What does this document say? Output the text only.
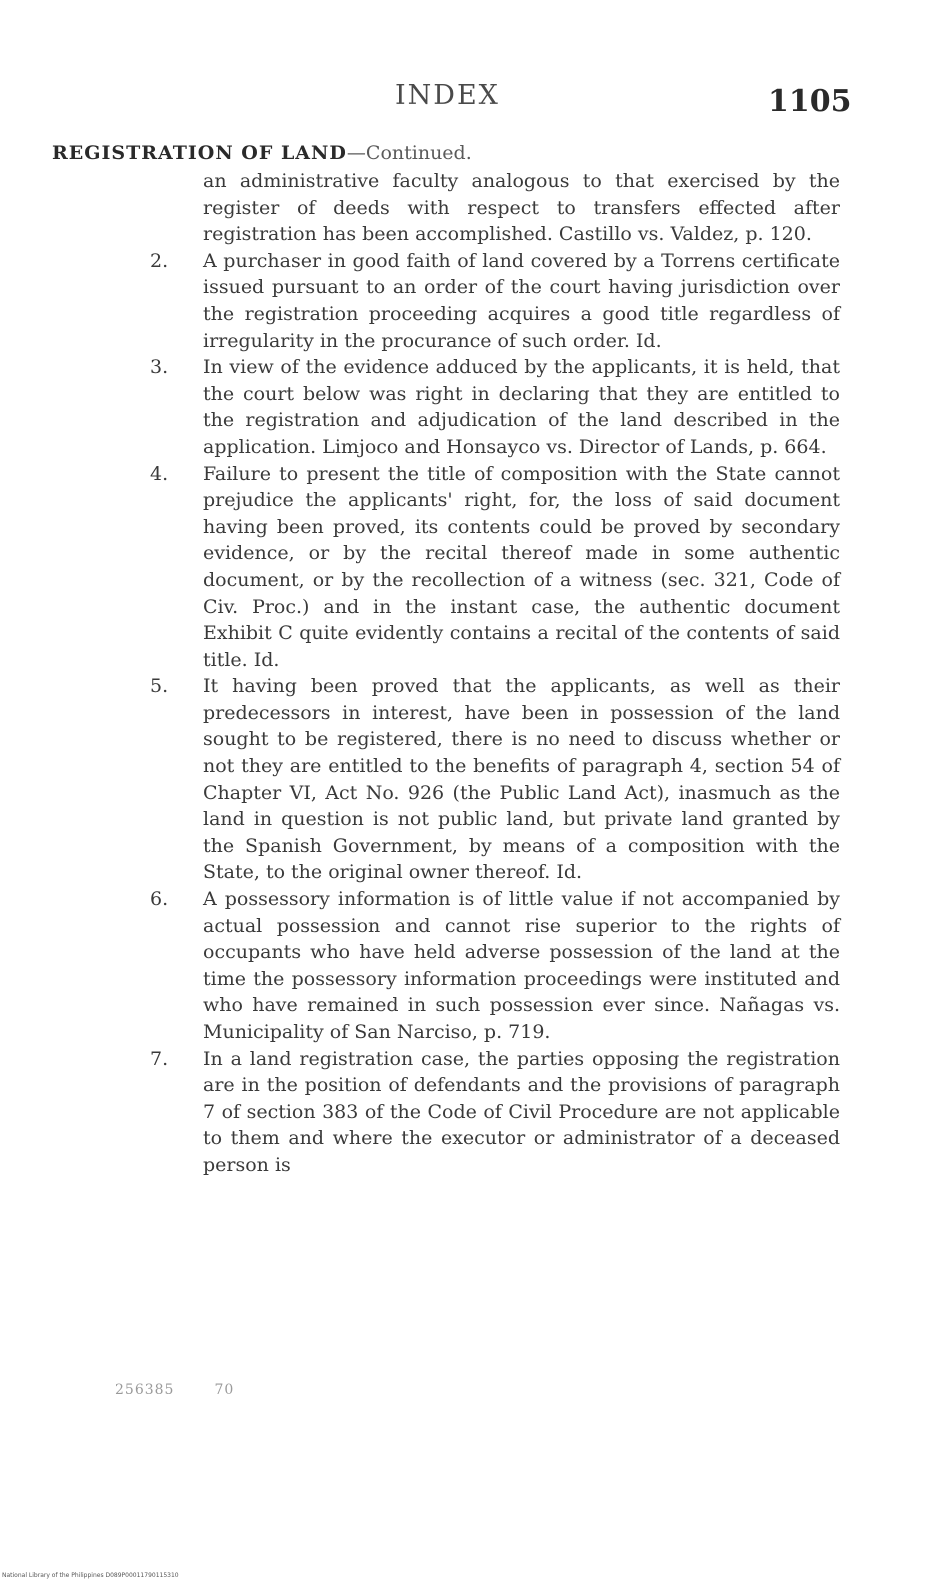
INDEX	1105
REGISTRATION OF LAND—Continued.

an administrative faculty analogous to that exercised by the register of deeds with respect to transfers effected after registration has been accomplished. Castillo vs. Valdez, p. 120.

2. A purchaser in good faith of land covered by a Torrens certificate issued pursuant to an order of the court having jurisdiction over the registration proceeding acquires a good title regardless of irregularity in the procurance of such order. Id.

3. In view of the evidence adduced by the applicants, it is held, that the court below was right in declaring that they are entitled to the registration and adjudication of the land described in the application. Limjoco and Honsayco vs. Director of Lands, p. 664.

4. Failure to present the title of composition with the State cannot prejudice the applicants' right, for, the loss of said document having been proved, its contents could be proved by secondary evidence, or by the recital thereof made in some authentic document, or by the recollection of a witness (sec. 321, Code of Civ. Proc.) and in the instant case, the authentic document Exhibit C quite evidently contains a recital of the contents of said title. Id.

5. It having been proved that the applicants, as well as their predecessors in interest, have been in possession of the land sought to be registered, there is no need to discuss whether or not they are entitled to the benefits of paragraph 4, section 54 of Chapter VI, Act No. 926 (the Public Land Act), inasmuch as the land in question is not public land, but private land granted by the Spanish Government, by means of a composition with the State, to the original owner thereof. Id.

6. A possessory information is of little value if not accompanied by actual possession and cannot rise superior to the rights of occupants who have held adverse possession of the land at the time the possessory information proceedings were instituted and who have remained in such possession ever since. Nañagas vs. Municipality of San Narciso, p. 719.

7. In a land registration case, the parties opposing the registration are in the position of defendants and the provisions of paragraph 7 of section 383 of the Code of Civil Procedure are not applicable to them and where the executor or administrator of a deceased person is

256385	70
National Library of the Philippines D089P00011790115310
